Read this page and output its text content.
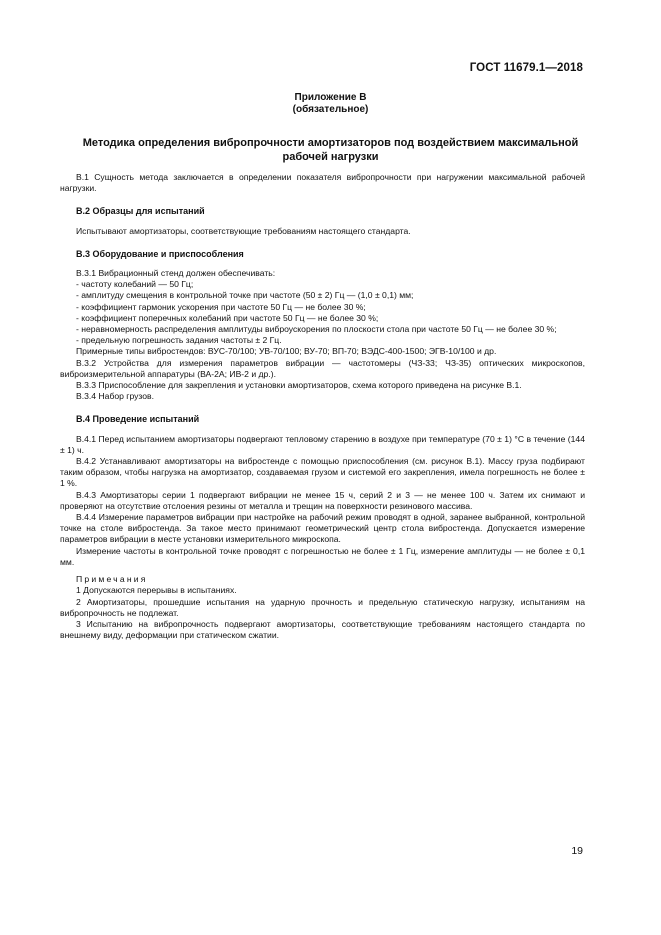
ГОСТ 11679.1—2018
Приложение В
(обязательное)
Методика определения вибропрочности амортизаторов под воздействием максимальной рабочей нагрузки

В.1 Сущность метода заключается в определении показателя вибропрочности при нагружении максимальной рабочей нагрузки.

В.2 Образцы для испытаний

Испытывают амортизаторы, соответствующие требованиям настоящего стандарта.

В.3 Оборудование и приспособления

В.3.1 Вибрационный стенд должен обеспечивать:

- частоту колебаний — 50 Гц;

- амплитуду смещения в контрольной точке при частоте (50 ± 2) Гц — (1,0 ± 0,1) мм;

- коэффициент гармоник ускорения при частоте 50 Гц — не более 30 %;

- коэффициент поперечных колебаний при частоте 50 Гц — не более 30 %;

- неравномерность распределения амплитуды виброускорения по плоскости стола при частоте 50 Гц — не более 30 %;

- предельную погрешность задания частоты ± 2 Гц.

Примерные типы вибростендов: ВУС-70/100; УВ-70/100; ВУ-70; ВП-70; ВЭДС-400-1500; ЭГВ-10/100 и др.

В.3.2 Устройства для измерения параметров вибрации — частотомеры (ЧЗ-33; ЧЗ-35) оптических микроскопов, виброизмерительной аппаратуры (ВА-2А; ИВ-2 и др.).

В.3.3 Приспособление для закрепления и установки амортизаторов, схема которого приведена на рисунке В.1.

В.3.4 Набор грузов.

В.4 Проведение испытаний

В.4.1 Перед испытанием амортизаторы подвергают тепловому старению в воздухе при температуре (70 ± 1) °С в течение (144 ± 1) ч.

В.4.2 Устанавливают амортизаторы на вибростенде с помощью приспособления (см. рисунок В.1). Массу груза подбирают таким образом, чтобы нагрузка на амортизатор, создаваемая грузом и системой его закрепления, имела погрешность не более ± 1 %.

В.4.3 Амортизаторы серии 1 подвергают вибрации не менее 15 ч, серий 2 и 3 — не менее 100 ч. Затем их снимают и проверяют на отсутствие отслоения резины от металла и трещин на поверхности резинового массива.

В.4.4 Измерение параметров вибрации при настройке на рабочий режим проводят в одной, заранее выбранной, контрольной точке на столе вибростенда. За такое место принимают геометрический центр стола вибростенда. Допускается измерение параметров вибрации в месте установки измерительного микроскопа.

Измерение частоты в контрольной точке проводят с погрешностью не более ± 1 Гц, измерение амплитуды — не более ± 0,1 мм.

Примечания

1 Допускаются перерывы в испытаниях.

2 Амортизаторы, прошедшие испытания на ударную прочность и предельную статическую нагрузку, испытаниям на вибропрочность не подлежат.

3 Испытанию на вибропрочность подвергают амортизаторы, соответствующие требованиям настоящего стандарта по внешнему виду, деформации при статическом сжатии.

19
